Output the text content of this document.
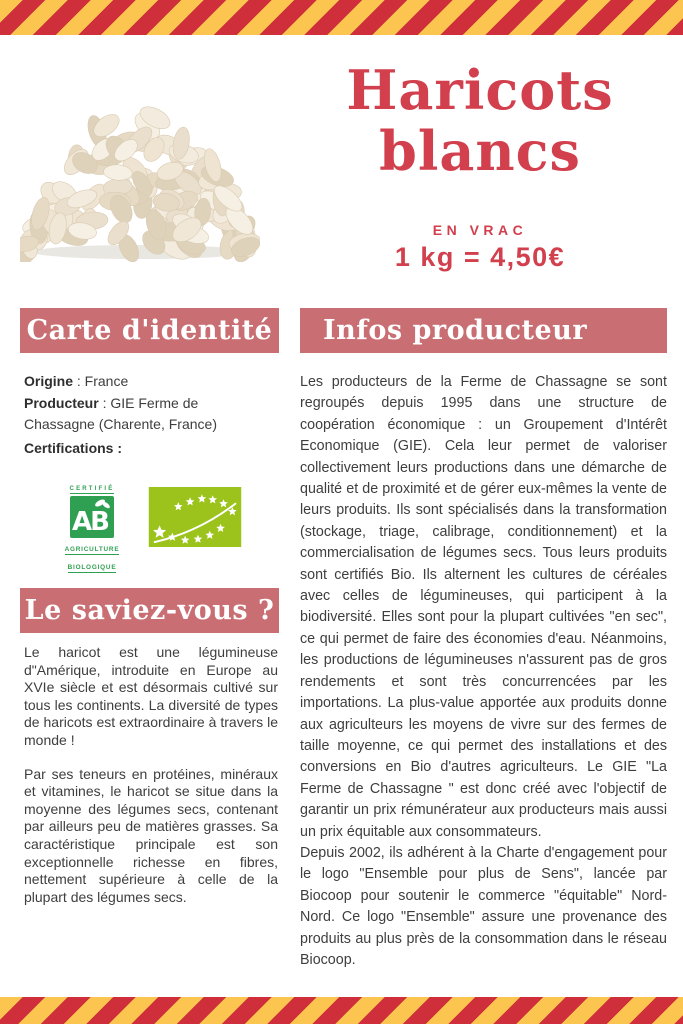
Haricots
blancs
EN VRAC
1 kg = 4,50€
Carte d'identité

Origine : France

Producteur : GIE Ferme de Chassagne (Charente, France)

Certifications :
CERTIFIÉ
AB
AGRICULTURE
BIOLOGIQUE
Le saviez-vous ?

Le haricot est une légumineuse d"Amérique, introduite en Europe au XVIe siècle et est désormais cultivé sur tous les continents. La diversité de types de haricots est extraordinaire à travers le monde !

Par ses teneurs en protéines, minéraux et vitamines, le haricot se situe dans la moyenne des légumes secs, contenant par ailleurs peu de matières grasses. Sa caractéristique principale est son exceptionnelle richesse en fibres, nettement supérieure à celle de la plupart des légumes secs.

Infos producteur

Les producteurs de la Ferme de Chassagne se sont regroupés depuis 1995 dans une structure de coopération économique : un Groupement d'Intérêt Economique (GIE). Cela leur permet de valoriser collectivement leurs productions dans une démarche de qualité et de proximité et de gérer eux-mêmes la vente de leurs produits. Ils sont spécialisés dans la transformation (stockage, triage, calibrage, conditionnement) et la commercialisation de légumes secs. Tous leurs produits sont certifiés Bio. Ils alternent les cultures de céréales avec celles de légumineuses, qui participent à la biodiversité. Elles sont pour la plupart cultivées "en sec", ce qui permet de faire des économies d'eau. Néanmoins, les productions de légumineuses n'assurent pas de gros rendements et sont très concurrencées par les importations. La plus-value apportée aux produits donne aux agriculteurs les moyens de vivre sur des fermes de taille moyenne, ce qui permet des installations et des conversions en Bio d'autres agriculteurs. Le GIE "La Ferme de Chassagne " est donc créé avec l'objectif de garantir un prix rémunérateur aux producteurs mais aussi un prix équitable aux consommateurs.

Depuis 2002, ils adhérent à la Charte d'engagement pour le logo "Ensemble pour plus de Sens", lancée par Biocoop pour soutenir le commerce "équitable" Nord-Nord. Ce logo "Ensemble" assure une provenance des produits au plus près de la consommation dans le réseau Biocoop.
